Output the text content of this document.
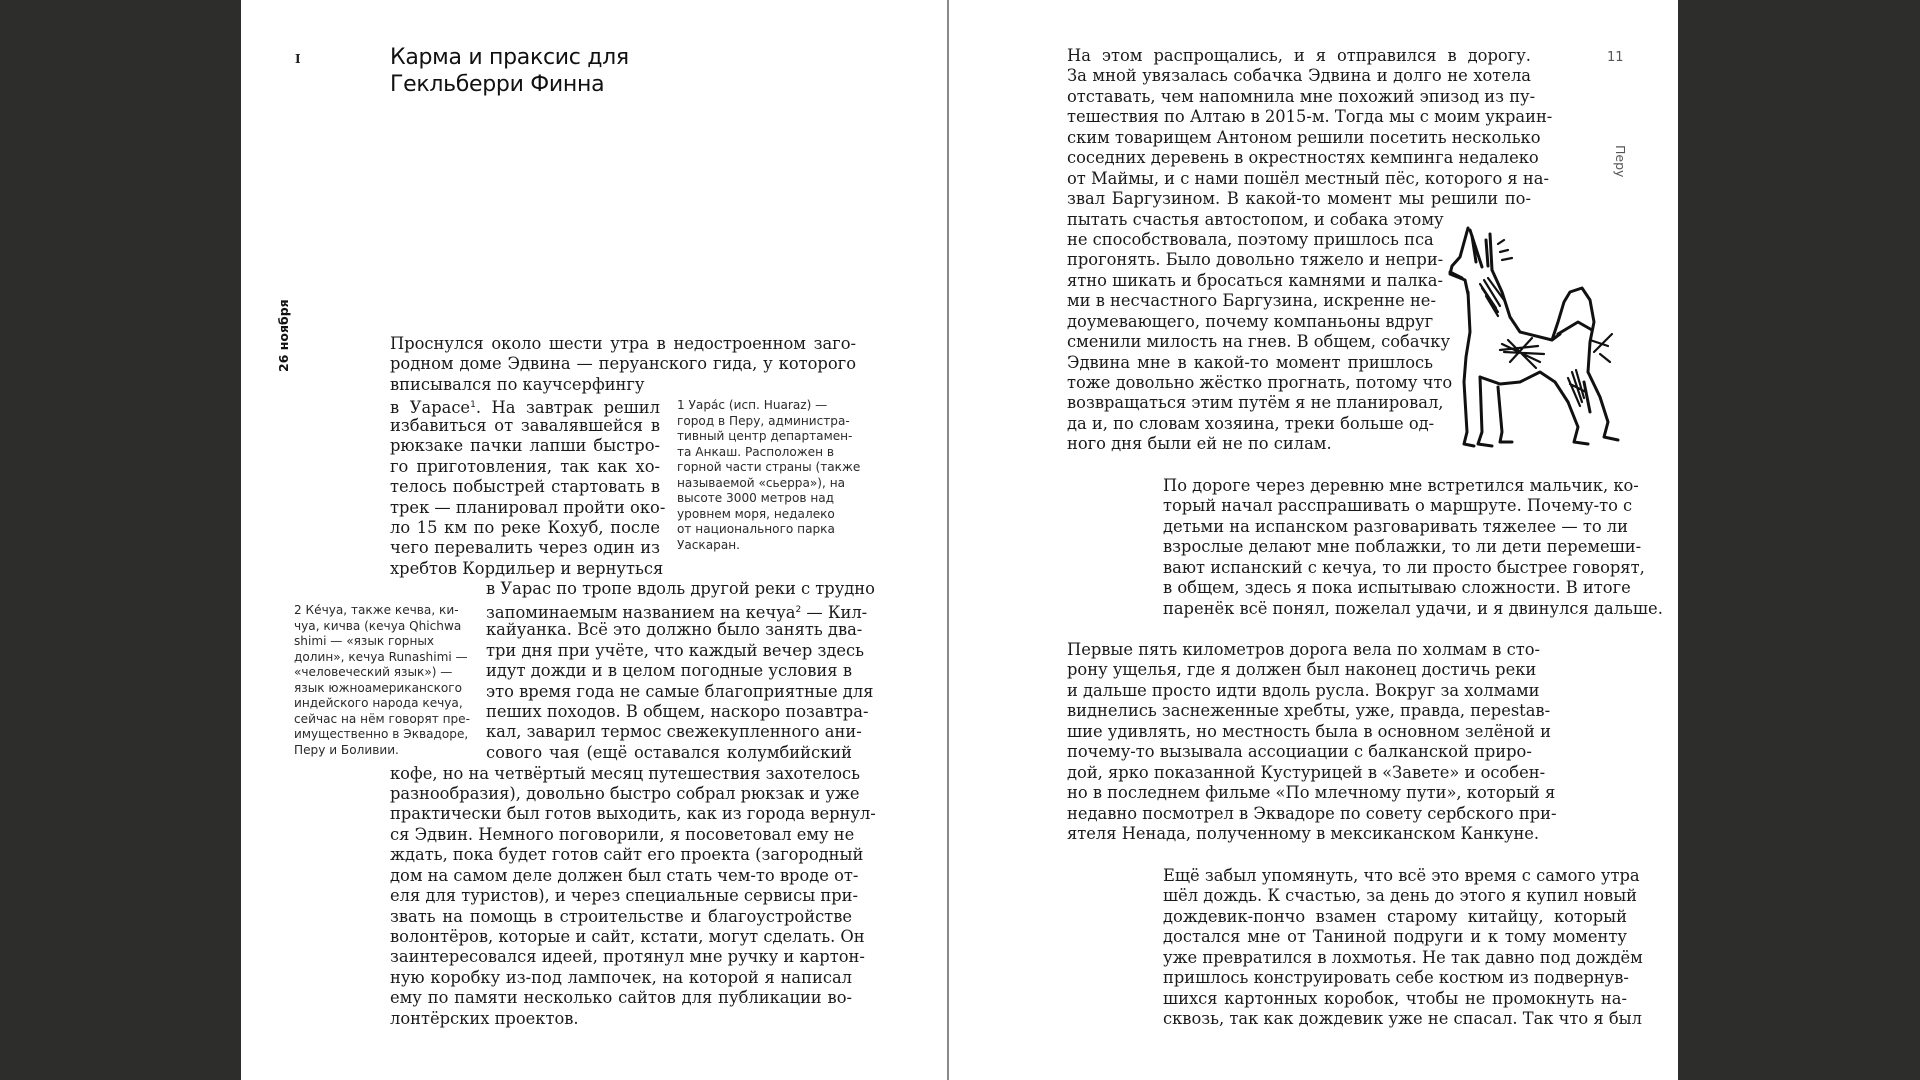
I	Карма и праксис для
Гекльберри Финна
26 ноября	Проснулся около шести утра в недостроенном заго-
родном доме Эдвина — перуанского гида, у которого
вписывался по каучсерфингу
в Уарасе$^1$. На завтрак решил
избавиться от завалявшейся в
рюкзаке пачки лапши быстро-
го приготовления, так как хо-
телось побыстрей стартовать в
трек — планировал пройти око-
ло 15 км по реке Кохуб, после
чего перевалить через один из
хребтов Кордильер и вернуться
в Уарас по тропе вдоль другой реки с трудно
запоминаемым названием на кечуа$^2$ — Кил-
кайуанка. Всё это должно было занять два-
три дня при учёте, что каждый вечер здесь
идут дожди и в целом погодные условия в
это время года не самые благоприятные для
пеших походов. В общем, наскоро позавтра-
кал, заварил термос свежекупленного ани-
сового чая (ещё оставался колумбийский
кофе, но на четвёртый месяц путешествия захотелось
разнообразия), довольно быстро собрал рюкзак и уже
практически был готов выходить, как из города вернул-
ся Эдвин. Немного поговорили, я посоветовал ему не
ждать, пока будет готов сайт его проекта (загородный
дом на самом деле должен был стать чем-то вроде от-
еля для туристов), и через специальные сервисы при-
звать на помощь в строительстве и благоустройстве
волонтёров, которые и сайт, кстати, могут сделать. Он
заинтересовался идеей, протянул мне ручку и картон-
ную коробку из-под лампочек, на которой я написал
ему по памяти несколько сайтов для публикации во-
лонтёрских проектов.
1 Уара́с (исп. Huaraz) —
город в Перу, администра-
тивный центр департамен-
та Анкаш. Расположен в
горной части страны (также
называемой «сьерра»), на
высоте 3000 метров над
уровнем моря, недалеко
от национального парка
Уаскаран.
2 Ке́чуа, также кечва, ки-
чуа, кичва (кечуа Qhichwa
shimi — «язык горных
долин», кечуа Runashimi —
«человеческий язык») —
язык южноамериканского
индейского народа кечуа,
сейчас на нём говорят пре-
имущественно в Эквадоре,
Перу и Боливии.
11
Перу
На этом распрощались, и я отправился в дорогу.
За мной увязалась собачка Эдвина и долго не хотела
отставать, чем напомнила мне похожий эпизод из пу-
тешествия по Алтаю в 2015-м. Тогда мы с моим украин-
ским товарищем Антоном решили посетить несколько
соседних деревень в окрестностях кемпинга недалеко
от Маймы, и с нами пошёл местный пёс, которого я на-
звал Баргузином. В какой-то момент мы решили по-
пытать счастья автостопом, и собака этому
не способствовала, поэтому пришлось пса
прогонять. Было довольно тяжело и непри-
ятно шикать и бросаться камнями и палка-
ми в несчастного Баргузина, искренне не-
доумевающего, почему компаньоны вдруг
сменили милость на гнев. В общем, собачку
Эдвина мне в какой-то момент пришлось
тоже довольно жёстко прогнать, потому что
возвращаться этим путём я не планировал,
да и, по словам хозяина, треки больше од-
ного дня были ей не по силам.
По дороге через деревню мне встретился мальчик, ко-
торый начал расспрашивать о маршруте. Почему-то с
детьми на испанском разговаривать тяжелее — то ли
взрослые делают мне поблажки, то ли дети перемеши-
вают испанский с кечуа, то ли просто быстрее говорят,
в общем, здесь я пока испытываю сложности. В итоге
паренёк всё понял, пожелал удачи, и я двинулся дальше.
Первые пять километров дорога вела по холмам в сто-
рону ущелья, где я должен был наконец достичь реки
и дальше просто идти вдоль русла. Вокруг за холмами
виднелись заснеженные хребты, уже, правда, переstав-
шие удивлять, но местность была в основном зелёной и
почему-то вызывала ассоциации с балканской приро-
дой, ярко показанной Кустурицей в «Завете» и особен-
но в последнем фильме «По млечному пути», который я
недавно посмотрел в Эквадоре по совету сербского при-
ятеля Ненада, полученному в мексиканском Канкуне.
Ещё забыл упомянуть, что всё это время с самого утра
шёл дождь. К счастью, за день до этого я купил новый
дождевик-пончо взамен старому китайцу, который
достался мне от Таниной подруги и к тому моменту
уже превратился в лохмотья. Не так давно под дождём
пришлось конструировать себе костюм из подвернув-
шихся картонных коробок, чтобы не промокнуть на-
сквозь, так как дождевик уже не спасал. Так что я был
